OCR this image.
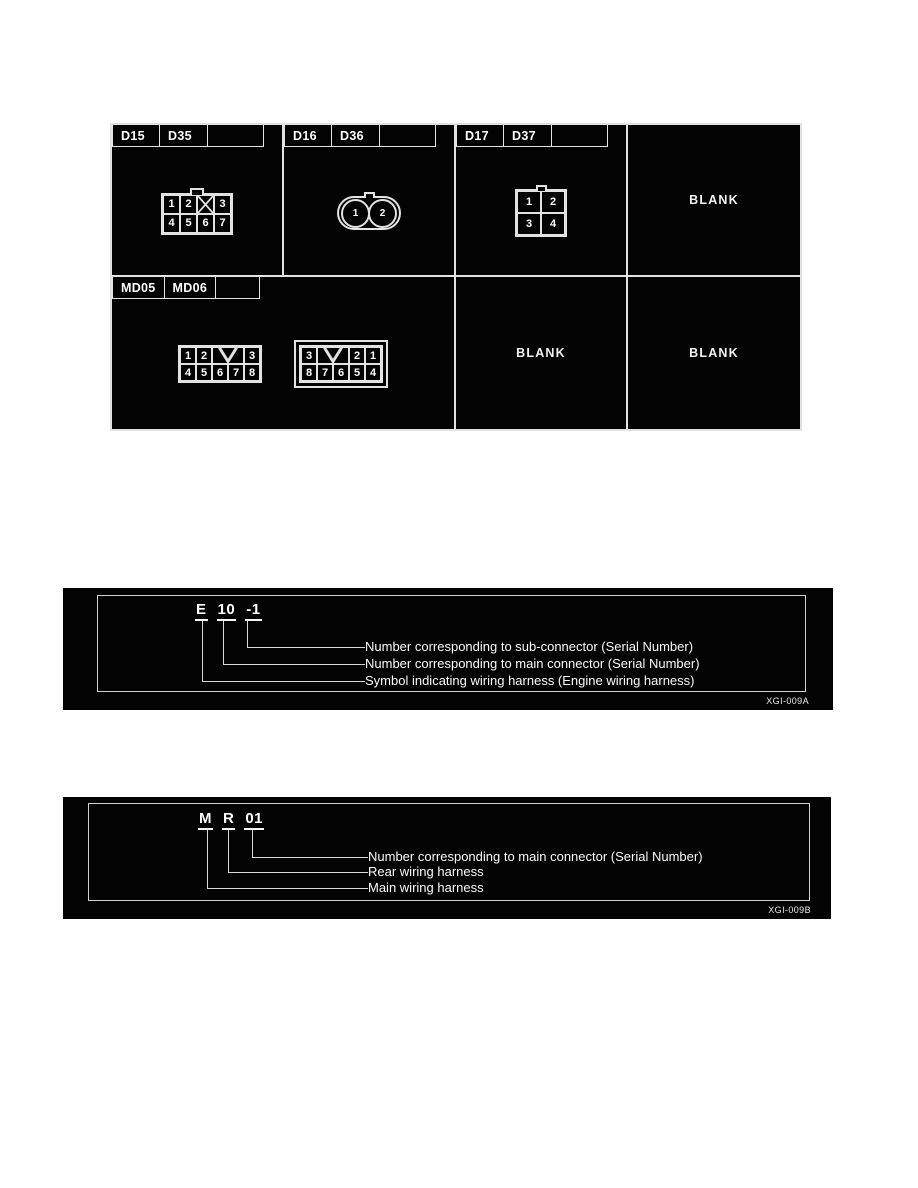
D15	D35
1 2	3
4 5 6 7
D16	D36
1	2
D17	D37
1	2
3	4
BLANK
MD05	MD06
1 2	3
4 5 6 7 8
3	2 1
8 7 6 5 4
BLANK	BLANK
E 10 -1
Number corresponding to sub-connector (Serial Number)
Number corresponding to main connector (Serial Number)
Symbol indicating wiring harness (Engine wiring harness)
XGI-009A
M R 01
Number corresponding to main connector (Serial Number)
Rear wiring harness
Main wiring harness
XGI-009B
